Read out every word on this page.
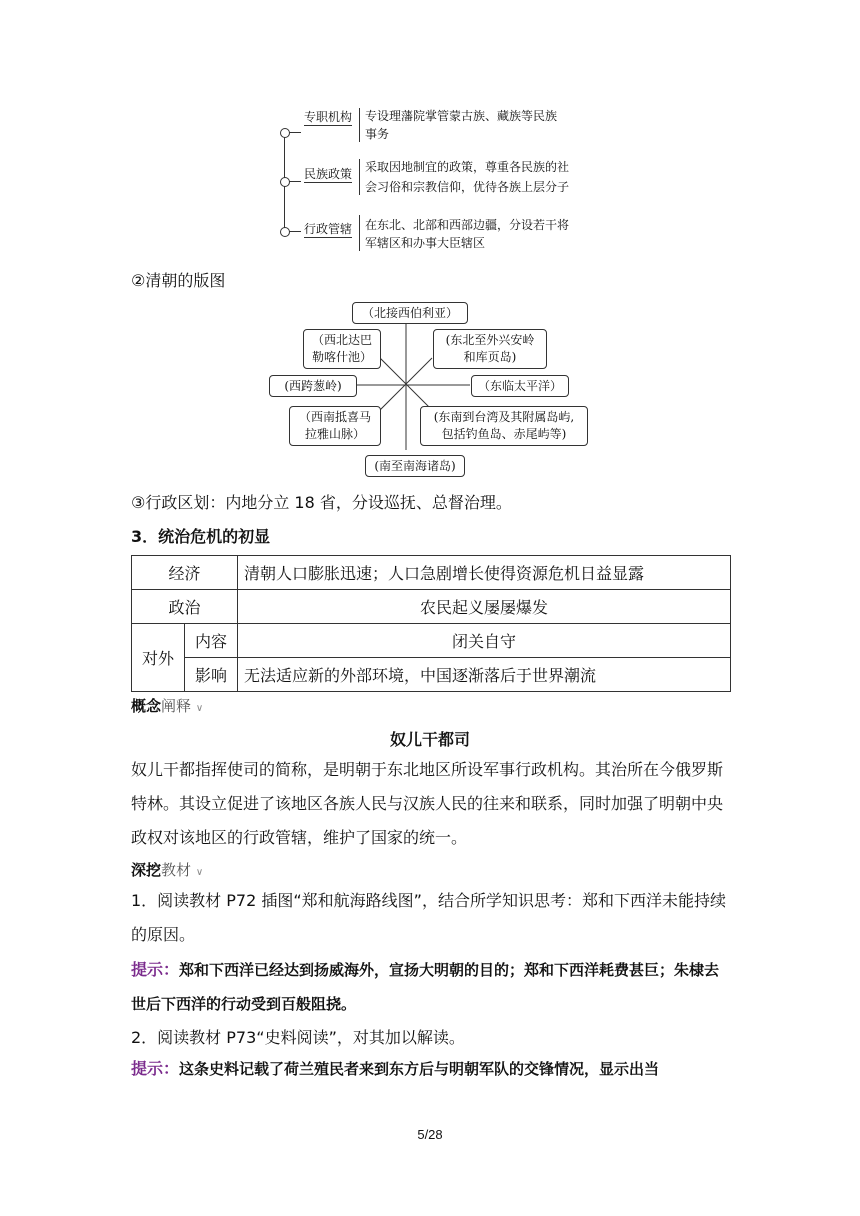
专职机构 专设理藩院掌管蒙古族、藏族等民族
事务
民族政策 采取因地制宜的政策，尊重各民族的社
会习俗和宗教信仰，优待各族上层分子
行政管辖 在东北、北部和西部边疆，分设若干将
军辖区和办事大臣辖区
②清朝的版图
（北接西伯利亚）
（西北达巴
勒喀什池）
(东北至外兴安岭
和库页岛)
(西跨葱岭)	（东临太平洋）
（西南抵喜马
拉雅山脉）
(东南到台湾及其附属岛屿,
包括钓鱼岛、赤尾屿等)
(南至南海诸岛)
③行政区划：内地分立 18 省，分设巡抚、总督治理。
3．统治危机的初显
经济		清朝人口膨胀迅速；人口急剧增长使得资源危机日益显露
政治		农民起义屡屡爆发
对外	内容	闭关自守
	影响	无法适应新的外部环境，中国逐渐落后于世界潮流
概念阐释 ∨
奴儿干都司
奴儿干都指挥使司的简称，是明朝于东北地区所设军事行政机构。其治所在今俄罗斯特林。其设立促进了该地区各族人民与汉族人民的往来和联系，同时加强了明朝中央政权对该地区的行政管辖，维护了国家的统一。
深挖教材 ∨
1．阅读教材 P72 插图“郑和航海路线图”，结合所学知识思考：郑和下西洋未能持续的原因。
提示：郑和下西洋已经达到扬威海外，宣扬大明朝的目的；郑和下西洋耗费甚巨；朱棣去世后下西洋的行动受到百般阻挠。
2．阅读教材 P73“史料阅读”，对其加以解读。
提示：这条史料记载了荷兰殖民者来到东方后与明朝军队的交锋情况，显示出当
5/28
